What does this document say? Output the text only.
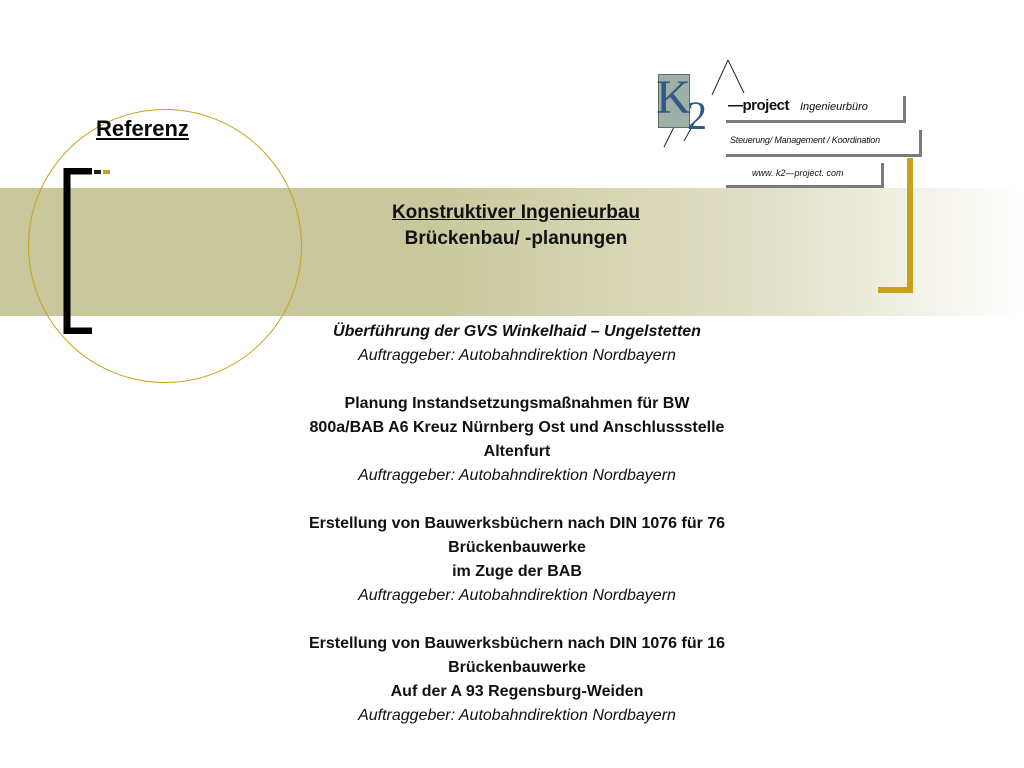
Referenz
Konstruktiver Ingenieurbau
Brückenbau/ -planungen
Überführung der GVS Winkelhaid – Ungelstetten
Auftraggeber: Autobahndirektion Nordbayern
Planung Instandsetzungsmaßnahmen für BW
800a/BAB A6 Kreuz Nürnberg Ost und Anschlussstelle
Altenfurt
Auftraggeber: Autobahndirektion Nordbayern
Erstellung von Bauwerksbüchern nach DIN 1076 für 76
Brückenbauwerke
im Zuge der BAB
Auftraggeber: Autobahndirektion Nordbayern
Erstellung von Bauwerksbüchern nach DIN 1076 für 16
Brückenbauwerke
Auf der A 93 Regensburg-Weiden
Auftraggeber: Autobahndirektion Nordbayern
K
2 —project Ingenieurbüro
Steuerung/ Management / Koordination
www. k2—project. com
